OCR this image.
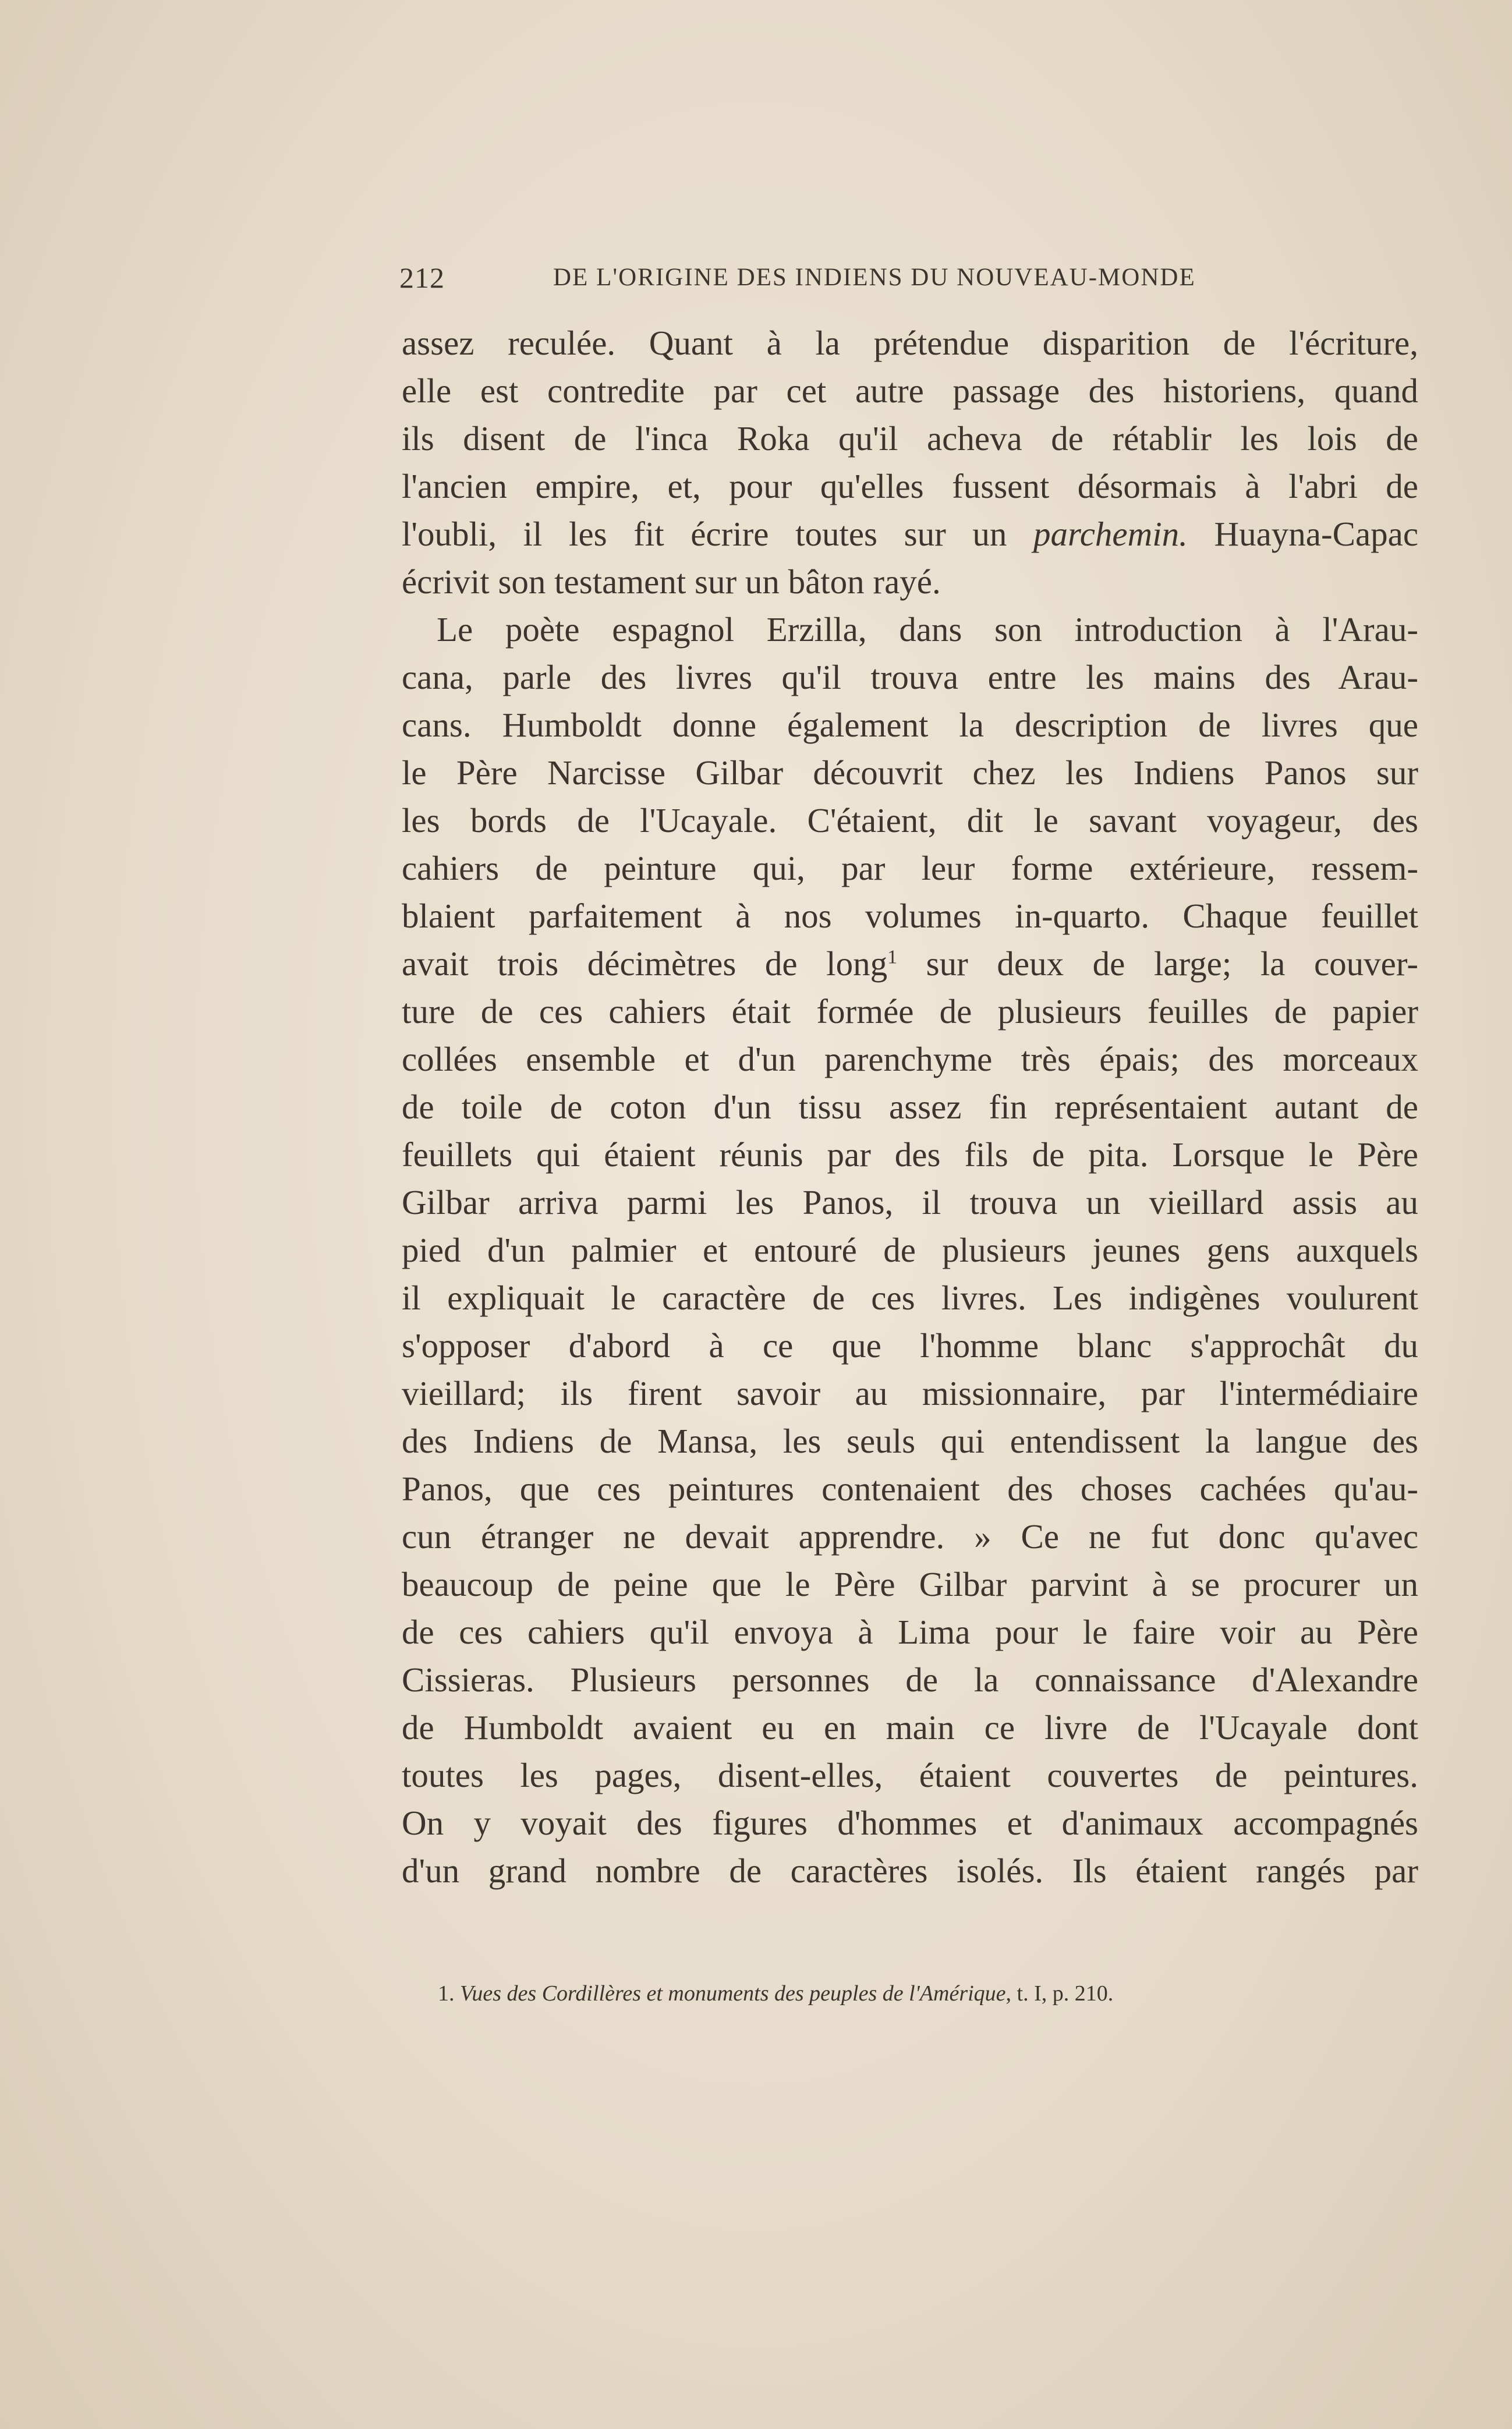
212	DE L'ORIGINE DES INDIENS DU NOUVEAU-MONDE
assez reculée. Quant à la prétendue disparition de l'écriture,
elle est contredite par cet autre passage des historiens, quand
ils disent de l'inca Roka qu'il acheva de rétablir les lois de
l'ancien empire, et, pour qu'elles fussent désormais à l'abri de
l'oubli, il les fit écrire toutes sur un parchemin. Huayna-Capac
écrivit son testament sur un bâton rayé.
Le poète espagnol Erzilla, dans son introduction à l'Arau-
cana, parle des livres qu'il trouva entre les mains des Arau-
cans. Humboldt donne également la description de livres que
le Père Narcisse Gilbar découvrit chez les Indiens Panos sur
les bords de l'Ucayale. C'étaient, dit le savant voyageur, des
cahiers de peinture qui, par leur forme extérieure, ressem-
blaient parfaitement à nos volumes in-quarto. Chaque feuillet
avait trois décimètres de long$^1$ sur deux de large; la couver-
ture de ces cahiers était formée de plusieurs feuilles de papier
collées ensemble et d'un parenchyme très épais; des morceaux
de toile de coton d'un tissu assez fin représentaient autant de
feuillets qui étaient réunis par des fils de pita. Lorsque le Père
Gilbar arriva parmi les Panos, il trouva un vieillard assis au
pied d'un palmier et entouré de plusieurs jeunes gens auxquels
il expliquait le caractère de ces livres. Les indigènes voulurent
s'opposer d'abord à ce que l'homme blanc s'approchât du
vieillard; ils firent savoir au missionnaire, par l'intermédiaire
des Indiens de Mansa, les seuls qui entendissent la langue des
Panos, que ces peintures contenaient des choses cachées qu'au-
cun étranger ne devait apprendre. » Ce ne fut donc qu'avec
beaucoup de peine que le Père Gilbar parvint à se procurer un
de ces cahiers qu'il envoya à Lima pour le faire voir au Père
Cissieras. Plusieurs personnes de la connaissance d'Alexandre
de Humboldt avaient eu en main ce livre de l'Ucayale dont
toutes les pages, disent-elles, étaient couvertes de peintures.
On y voyait des figures d'hommes et d'animaux accompagnés
d'un grand nombre de caractères isolés. Ils étaient rangés par
1. Vues des Cordillères et monuments des peuples de l'Amérique, t. I, p. 210.
